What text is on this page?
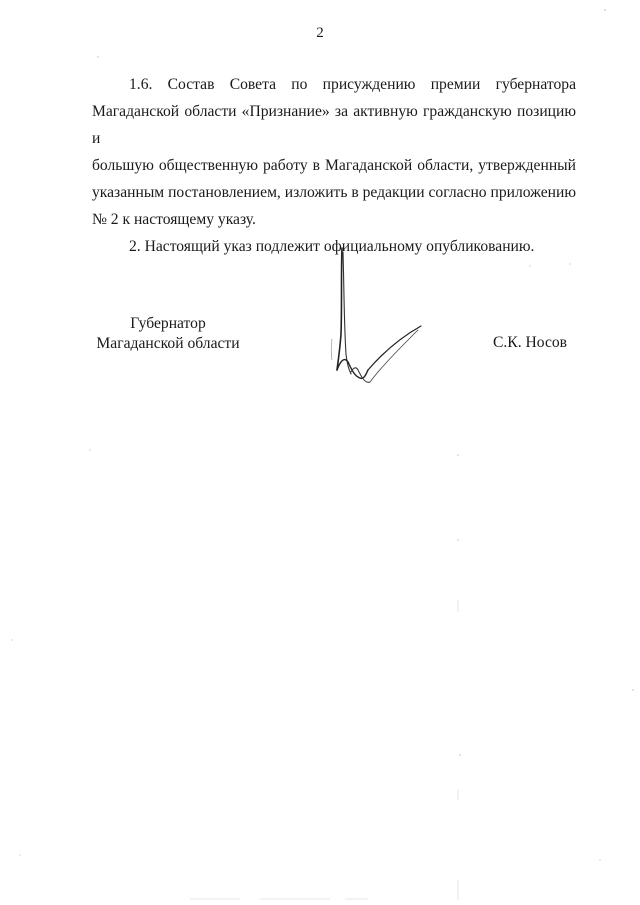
2
1.6.  Состав  Совета  по  присуждению  премии  губернатора
Магаданской области «Признание» за активную гражданскую позицию и
большую общественную работу в Магаданской области, утвержденный
указанным постановлением, изложить в редакции согласно приложению
№ 2 к настоящему указу.

2. Настоящий указ подлежит официальному опубликованию.

Губернатор
Магаданской области	С.К. Носов
